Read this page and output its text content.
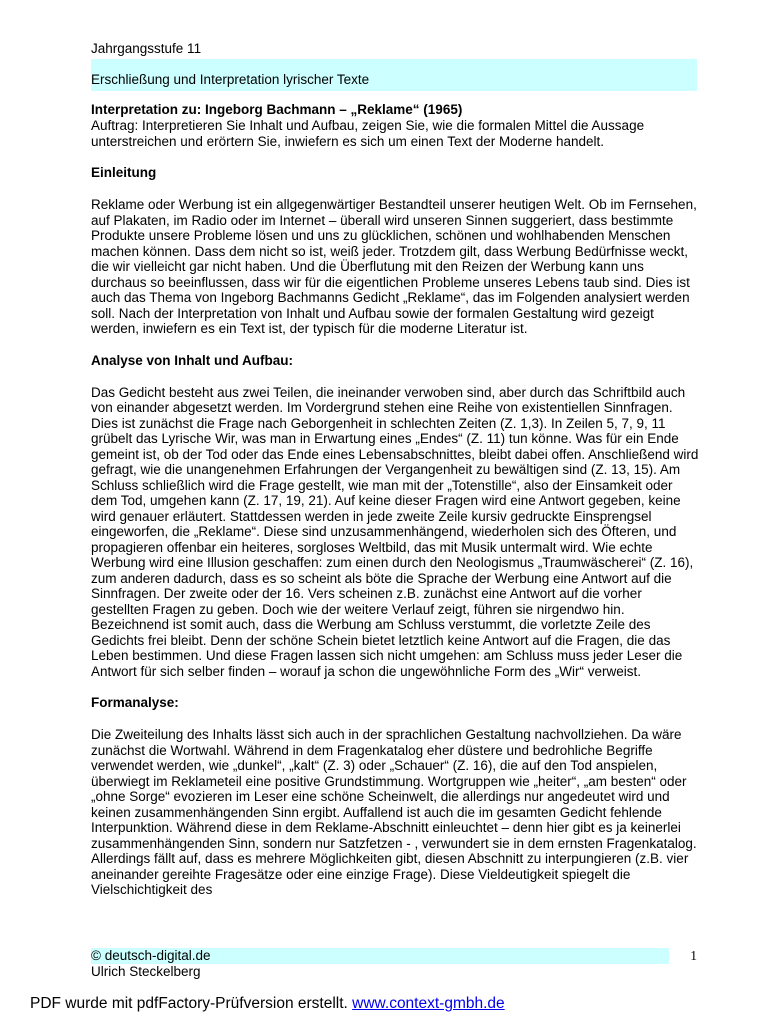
Jahrgangsstufe 11
Erschließung und Interpretation lyrischer Texte
Interpretation zu: Ingeborg Bachmann – „Reklame“ (1965)

Auftrag: Interpretieren Sie Inhalt und Aufbau, zeigen Sie, wie die formalen Mittel die Aussage unterstreichen und erörtern Sie, inwiefern es sich um einen Text der Moderne handelt.

Einleitung

Reklame oder Werbung ist ein allgegenwärtiger Bestandteil unserer heutigen Welt. Ob im Fernsehen, auf Plakaten, im Radio oder im Internet – überall wird unseren Sinnen suggeriert, dass bestimmte Produkte unsere Probleme lösen und uns zu glücklichen, schönen und wohlhabenden Menschen machen können. Dass dem nicht so ist, weiß jeder. Trotzdem gilt, dass Werbung Bedürfnisse weckt, die wir vielleicht gar nicht haben. Und die Überflutung mit den Reizen der Werbung kann uns durchaus so beeinflussen, dass wir für die eigentlichen Probleme unseres Lebens taub sind. Dies ist auch das Thema von Ingeborg Bachmanns Gedicht „Reklame“, das im Folgenden analysiert werden soll. Nach der Interpretation von Inhalt und Aufbau sowie der formalen Gestaltung wird gezeigt werden, inwiefern es ein Text ist, der typisch für die moderne Literatur ist.

Analyse von Inhalt und Aufbau:

Das Gedicht besteht aus zwei Teilen, die ineinander verwoben sind, aber durch das Schriftbild auch von einander abgesetzt werden. Im Vordergrund stehen eine Reihe von existentiellen Sinnfragen. Dies ist zunächst die Frage nach Geborgenheit in schlechten Zeiten (Z. 1,3). In Zeilen 5, 7, 9, 11 grübelt das Lyrische Wir, was man in Erwartung eines „Endes“ (Z. 11) tun könne. Was für ein Ende gemeint ist, ob der Tod oder das Ende eines Lebensabschnittes, bleibt dabei offen. Anschließend wird gefragt, wie die unangenehmen Erfahrungen der Vergangenheit zu bewältigen sind (Z. 13, 15). Am Schluss schließlich wird die Frage gestellt, wie man mit der „Totenstille“, also der Einsamkeit oder dem Tod, umgehen kann (Z. 17, 19, 21). Auf keine dieser Fragen wird eine Antwort gegeben, keine wird genauer erläutert. Stattdessen werden in jede zweite Zeile kursiv gedruckte Einsprengsel eingeworfen, die „Reklame“. Diese sind unzusammenhängend, wiederholen sich des Öfteren, und propagieren offenbar ein heiteres, sorgloses Weltbild, das mit Musik untermalt wird. Wie echte Werbung wird eine Illusion geschaffen: zum einen durch den Neologismus „Traumwäscherei“ (Z. 16), zum anderen dadurch, dass es so scheint als böte die Sprache der Werbung eine Antwort auf die Sinnfragen. Der zweite oder der 16. Vers scheinen z.B. zunächst eine Antwort auf die vorher gestellten Fragen zu geben. Doch wie der weitere Verlauf zeigt, führen sie nirgendwo hin. Bezeichnend ist somit auch, dass die Werbung am Schluss verstummt, die vorletzte Zeile des Gedichts frei bleibt. Denn der schöne Schein bietet letztlich keine Antwort auf die Fragen, die das Leben bestimmen. Und diese Fragen lassen sich nicht umgehen: am Schluss muss jeder Leser die Antwort für sich selber finden – worauf ja schon die ungewöhnliche Form des „Wir“ verweist.

Formanalyse:

Die Zweiteilung des Inhalts lässt sich auch in der sprachlichen Gestaltung nachvollziehen. Da wäre zunächst die Wortwahl. Während in dem Fragenkatalog eher düstere und bedrohliche Begriffe verwendet werden, wie „dunkel“, „kalt“ (Z. 3) oder „Schauer“ (Z. 16), die auf den Tod anspielen, überwiegt im Reklameteil eine positive Grundstimmung. Wortgruppen wie „heiter“, „am besten“ oder „ohne Sorge“ evozieren im Leser eine schöne Scheinwelt, die allerdings nur angedeutet wird und keinen zusammenhängenden Sinn ergibt. Auffallend ist auch die im gesamten Gedicht fehlende Interpunktion. Während diese in dem Reklame-Abschnitt einleuchtet – denn hier gibt es ja keinerlei zusammenhängenden Sinn, sondern nur Satzfetzen - , verwundert sie in dem ernsten Fragenkatalog. Allerdings fällt auf, dass es mehrere Möglichkeiten gibt, diesen Abschnitt zu interpungieren (z.B. vier aneinander gereihte Fragesätze oder eine einzige Frage). Diese Vieldeutigkeit spiegelt die Vielschichtigkeit des

© deutsch-digital.de
Ulrich Steckelberg
1
PDF wurde mit pdfFactory-Prüfversion erstellt. www.context-gmbh.de
